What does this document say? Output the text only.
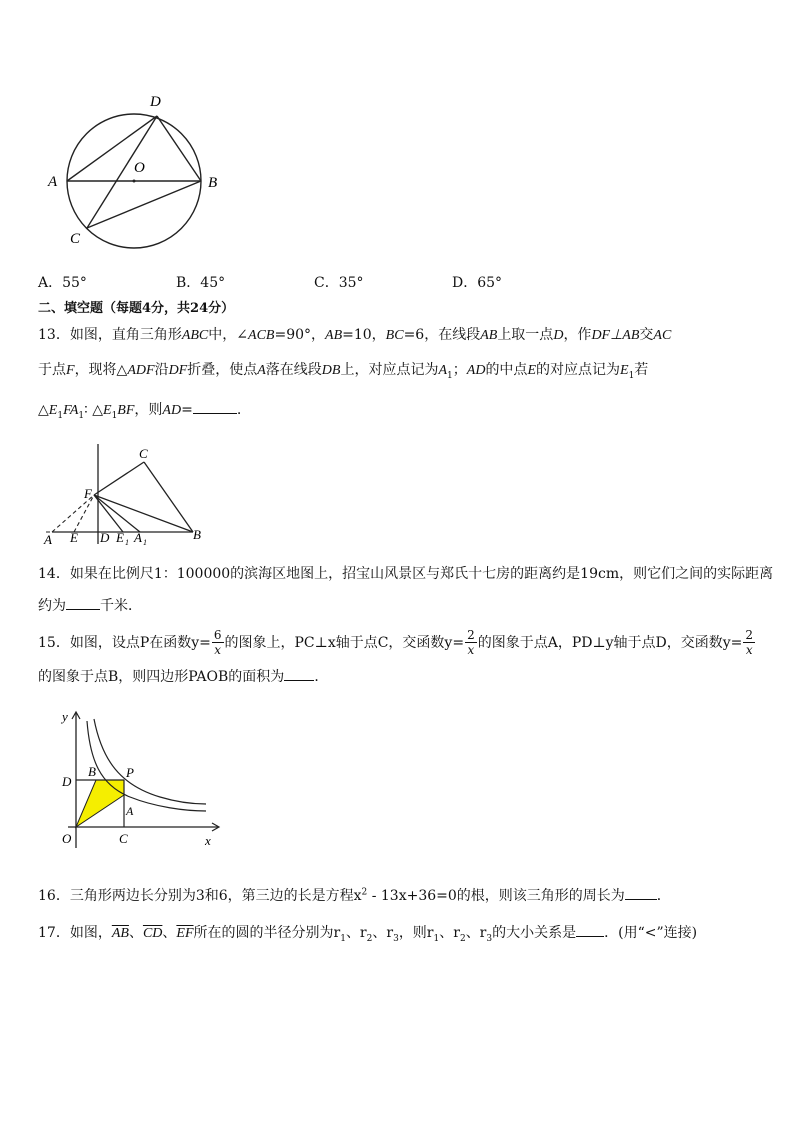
D
O
A	B
C
A．55°	B．45°	C．35°	D．65°
二、填空题（每题4分，共24分）
13．如图，直角三角形ABC中，∠ACB=90°，AB=10，BC=6，在线段AB上取一点D，作DF⊥AB交AC
于点F，现将△ADF沿DF折叠，使点A落在线段DB上，对应点记为$A_1$；AD的中点E的对应点记为$E_1$若
$\triangle E_1FA_1∶$ $\triangle E_1BF$，则AD=	.
C
F
A E D E 1 A 1
B
14．如果在比例尺1：100000的滨海区地图上，招宝山风景区与郑氏十七房的距离约是19cm，则它们之间的实际距离
约为 千米．
15．如图，设点P在函数$y= \frac{6}{x}$ 的图象上，PC⊥x轴于点C，交函数$y= \frac{2}{x}$ 的图象于点A，PD⊥y轴于点D，交函数$y= \frac{2}{x}$
的图象于点B，则四边形PAOB的面积为 ．
y
x
O	C
D
B P
A
16．三角形两边长分别为3和6，第三边的长是方程$x^2 - 13x+36=0$的根，则该三角形的周长为 ．
17．如图，$\overline{AB}$、$\overline{CD}$、$\overline{EF}$所在的圆的半径分别为$r_1$、$r_2$、$r_3$，则$r_1$、$r_2$、$r_3$的大小关系是 ．(用“<”连接)
